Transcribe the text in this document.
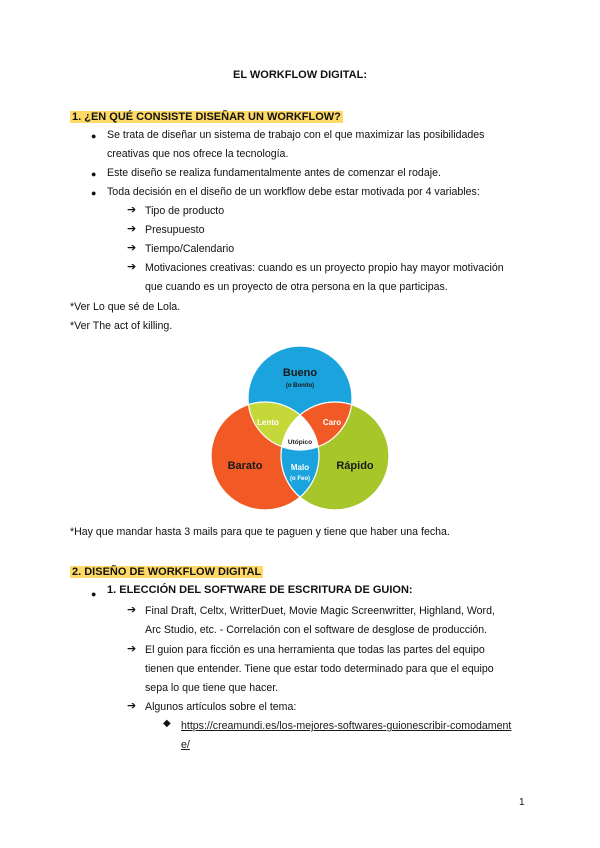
EL WORKFLOW DIGITAL:
1. ¿EN QUÉ CONSISTE DISEÑAR UN WORKFLOW?
● Se trata de diseñar un sistema de trabajo con el que maximizar las posibilidades
creativas que nos ofrece la tecnología.
● Este diseño se realiza fundamentalmente antes de comenzar el rodaje.
● Toda decisión en el diseño de un workflow debe estar motivada por 4 variables:
➔ Tipo de producto
➔ Presupuesto
➔ Tiempo/Calendario
➔ Motivaciones creativas: cuando es un proyecto propio hay mayor motivación
que cuando es un proyecto de otra persona en la que participas.
*Ver Lo que sé de Lola.
*Ver The act of killing.
Bueno
(o Bonito)
Lento	Caro
Utópico
Barato	Rápido
Malo
(o Feo)
*Hay que mandar hasta 3 mails para que te paguen y tiene que haber una fecha.
2. DISEÑO DE WORKFLOW DIGITAL
● 1. ELECCIÓN DEL SOFTWARE DE ESCRITURA DE GUION:
➔ Final Draft, Celtx, WritterDuet, Movie Magic Screenwritter, Highland, Word,
Arc Studio, etc. - Correlación con el software de desglose de producción.
➔ El guion para ficción es una herramienta que todas las partes del equipo
tienen que entender. Tiene que estar todo determinado para que el equipo
sepa lo que tiene que hacer.
➔ Algunos artículos sobre el tema:
◆ https://creamundi.es/los-mejores-softwares-guionescribir-comodament
e/
1
